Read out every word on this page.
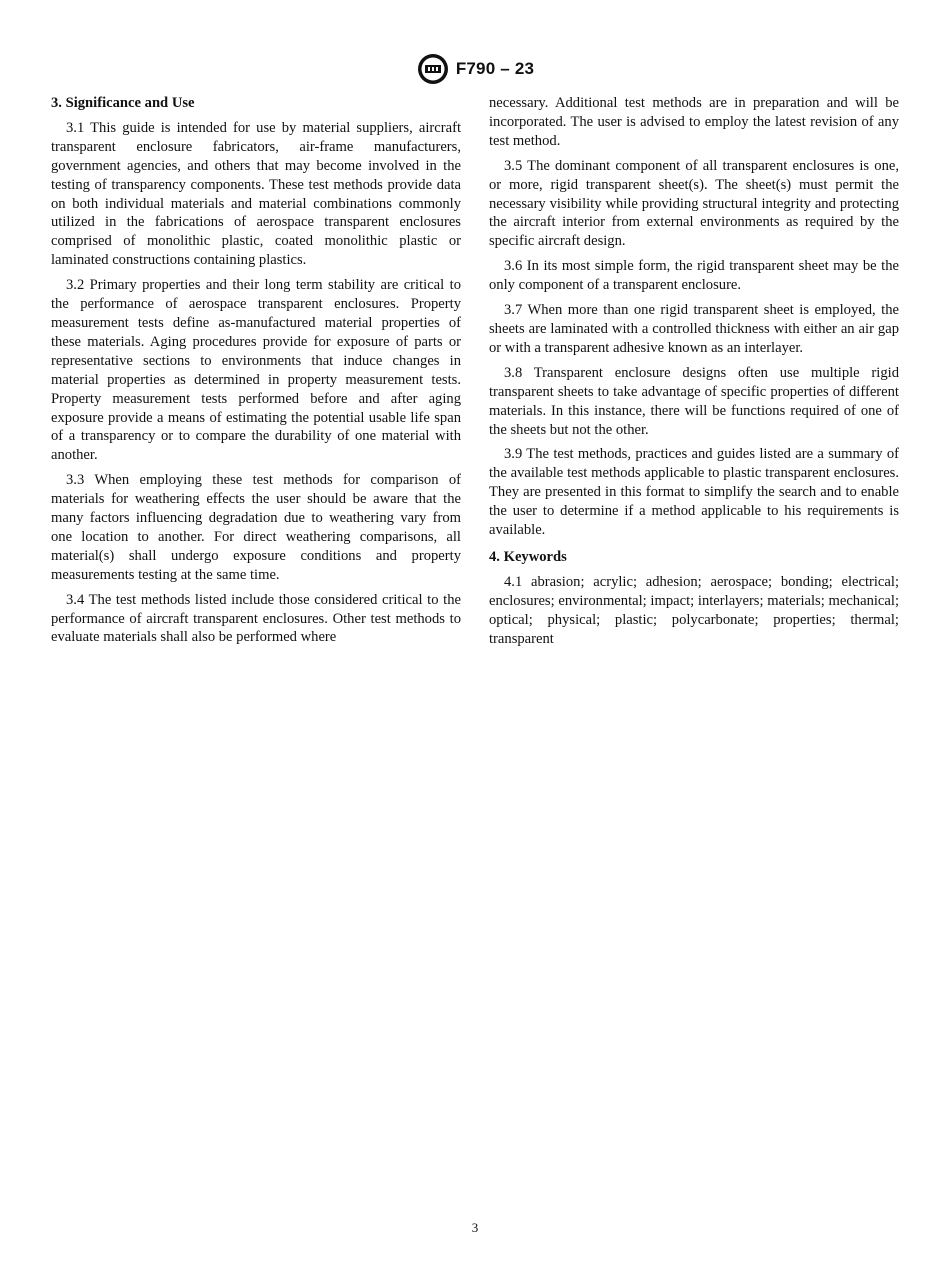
F790 – 23
3. Significance and Use

3.1 This guide is intended for use by material suppliers, aircraft transparent enclosure fabricators, air-frame manufacturers, government agencies, and others that may become involved in the testing of transparency components. These test methods provide data on both individual materials and material combinations commonly utilized in the fabrications of aerospace transparent enclosures comprised of monolithic plastic, coated monolithic plastic or laminated constructions containing plastics.

3.2 Primary properties and their long term stability are critical to the performance of aerospace transparent enclosures. Property measurement tests define as-manufactured material properties of these materials. Aging procedures provide for exposure of parts or representative sections to environments that induce changes in material properties as determined in property measurement tests. Property measurement tests performed before and after aging exposure provide a means of estimating the potential usable life span of a transparency or to compare the durability of one material with another.

3.3 When employing these test methods for comparison of materials for weathering effects the user should be aware that the many factors influencing degradation due to weathering vary from one location to another. For direct weathering comparisons, all material(s) shall undergo exposure conditions and property measurements testing at the same time.

3.4 The test methods listed include those considered critical to the performance of aircraft transparent enclosures. Other test methods to evaluate materials shall also be performed where

necessary. Additional test methods are in preparation and will be incorporated. The user is advised to employ the latest revision of any test method.

3.5 The dominant component of all transparent enclosures is one, or more, rigid transparent sheet(s). The sheet(s) must permit the necessary visibility while providing structural integrity and protecting the aircraft interior from external environments as required by the specific aircraft design.

3.6 In its most simple form, the rigid transparent sheet may be the only component of a transparent enclosure.

3.7 When more than one rigid transparent sheet is employed, the sheets are laminated with a controlled thickness with either an air gap or with a transparent adhesive known as an interlayer.

3.8 Transparent enclosure designs often use multiple rigid transparent sheets to take advantage of specific properties of different materials. In this instance, there will be functions required of one of the sheets but not the other.

3.9 The test methods, practices and guides listed are a summary of the available test methods applicable to plastic transparent enclosures. They are presented in this format to simplify the search and to enable the user to determine if a method applicable to his requirements is available.

4. Keywords

4.1 abrasion; acrylic; adhesion; aerospace; bonding; electrical; enclosures; environmental; impact; interlayers; materials; mechanical; optical; physical; plastic; polycarbonate; properties; thermal; transparent

3
